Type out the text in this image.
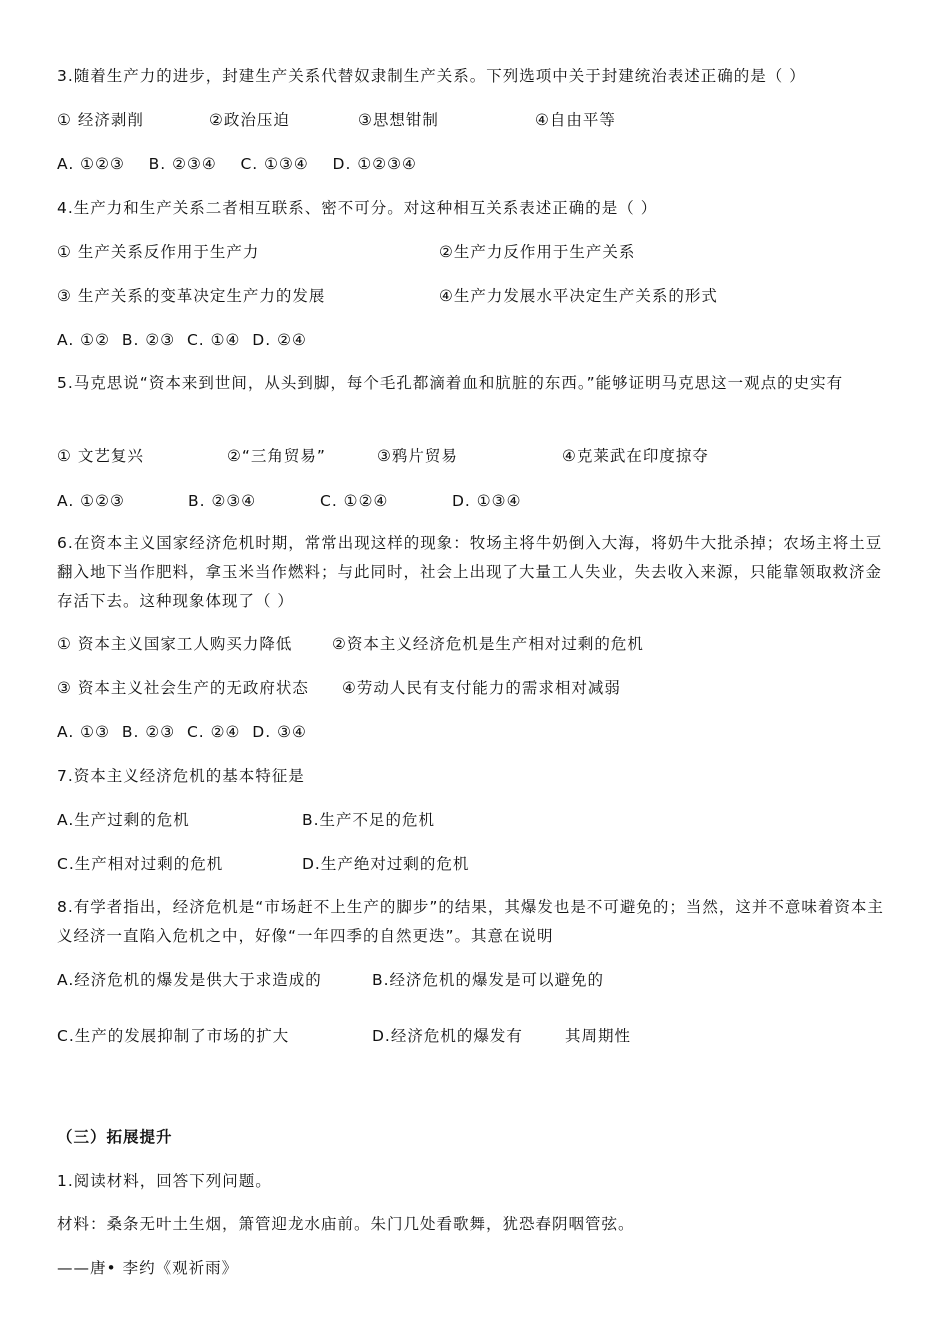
3.随着生产力的进步，封建生产关系代替奴隶制生产关系。下列选项中关于封建统治表述正确的是（ ）
① 经济剥削	②政治压迫	③思想钳制	④自由平等
A. ①②③    B. ②③④    C. ①③④    D. ①②③④
4.生产力和生产关系二者相互联系、密不可分。对这种相互关系表述正确的是（ ）
① 生产关系反作用于生产力	②生产力反作用于生产关系
③ 生产关系的变革决定生产力的发展	④生产力发展水平决定生产关系的形式
A. ①②  B. ②③  C. ①④  D. ②④
5.马克思说“资本来到世间，从头到脚，每个毛孔都滴着血和肮脏的东西。”能够证明马克思这一观点的史实有
① 文艺复兴	②“三角贸易”	③鸦片贸易	④克莱武在印度掠夺
A. ①②③	B. ②③④	C. ①②④	D. ①③④
6.在资本主义国家经济危机时期，常常出现这样的现象：牧场主将牛奶倒入大海，将奶牛大批杀掉；农场主将土豆翻入地下当作肥料，拿玉米当作燃料；与此同时，社会上出现了大量工人失业，失去收入来源，只能靠领取救济金存活下去。这种现象体现了（ ）
① 资本主义国家工人购买力降低	②资本主义经济危机是生产相对过剩的危机
③ 资本主义社会生产的无政府状态 ④劳动人民有支付能力的需求相对减弱
A. ①③  B. ②③  C. ②④  D. ③④
7.资本主义经济危机的基本特征是
A.生产过剩的危机	B.生产不足的危机
C.生产相对过剩的危机	D.生产绝对过剩的危机
8.有学者指出，经济危机是“市场赶不上生产的脚步”的结果，其爆发也是不可避免的；当然，这并不意味着资本主义经济一直陷入危机之中，好像“一年四季的自然更迭”。其意在说明
A.经济危机的爆发是供大于求造成的	B.经济危机的爆发是可以避免的
C.生产的发展抑制了市场的扩大	D.经济危机的爆发有	其周期性
（三）拓展提升
1.阅读材料，回答下列问题。
材料：桑条无叶土生烟，箫管迎龙水庙前。朱门几处看歌舞，犹恐春阴咽管弦。
——唐• 李约《观祈雨》
